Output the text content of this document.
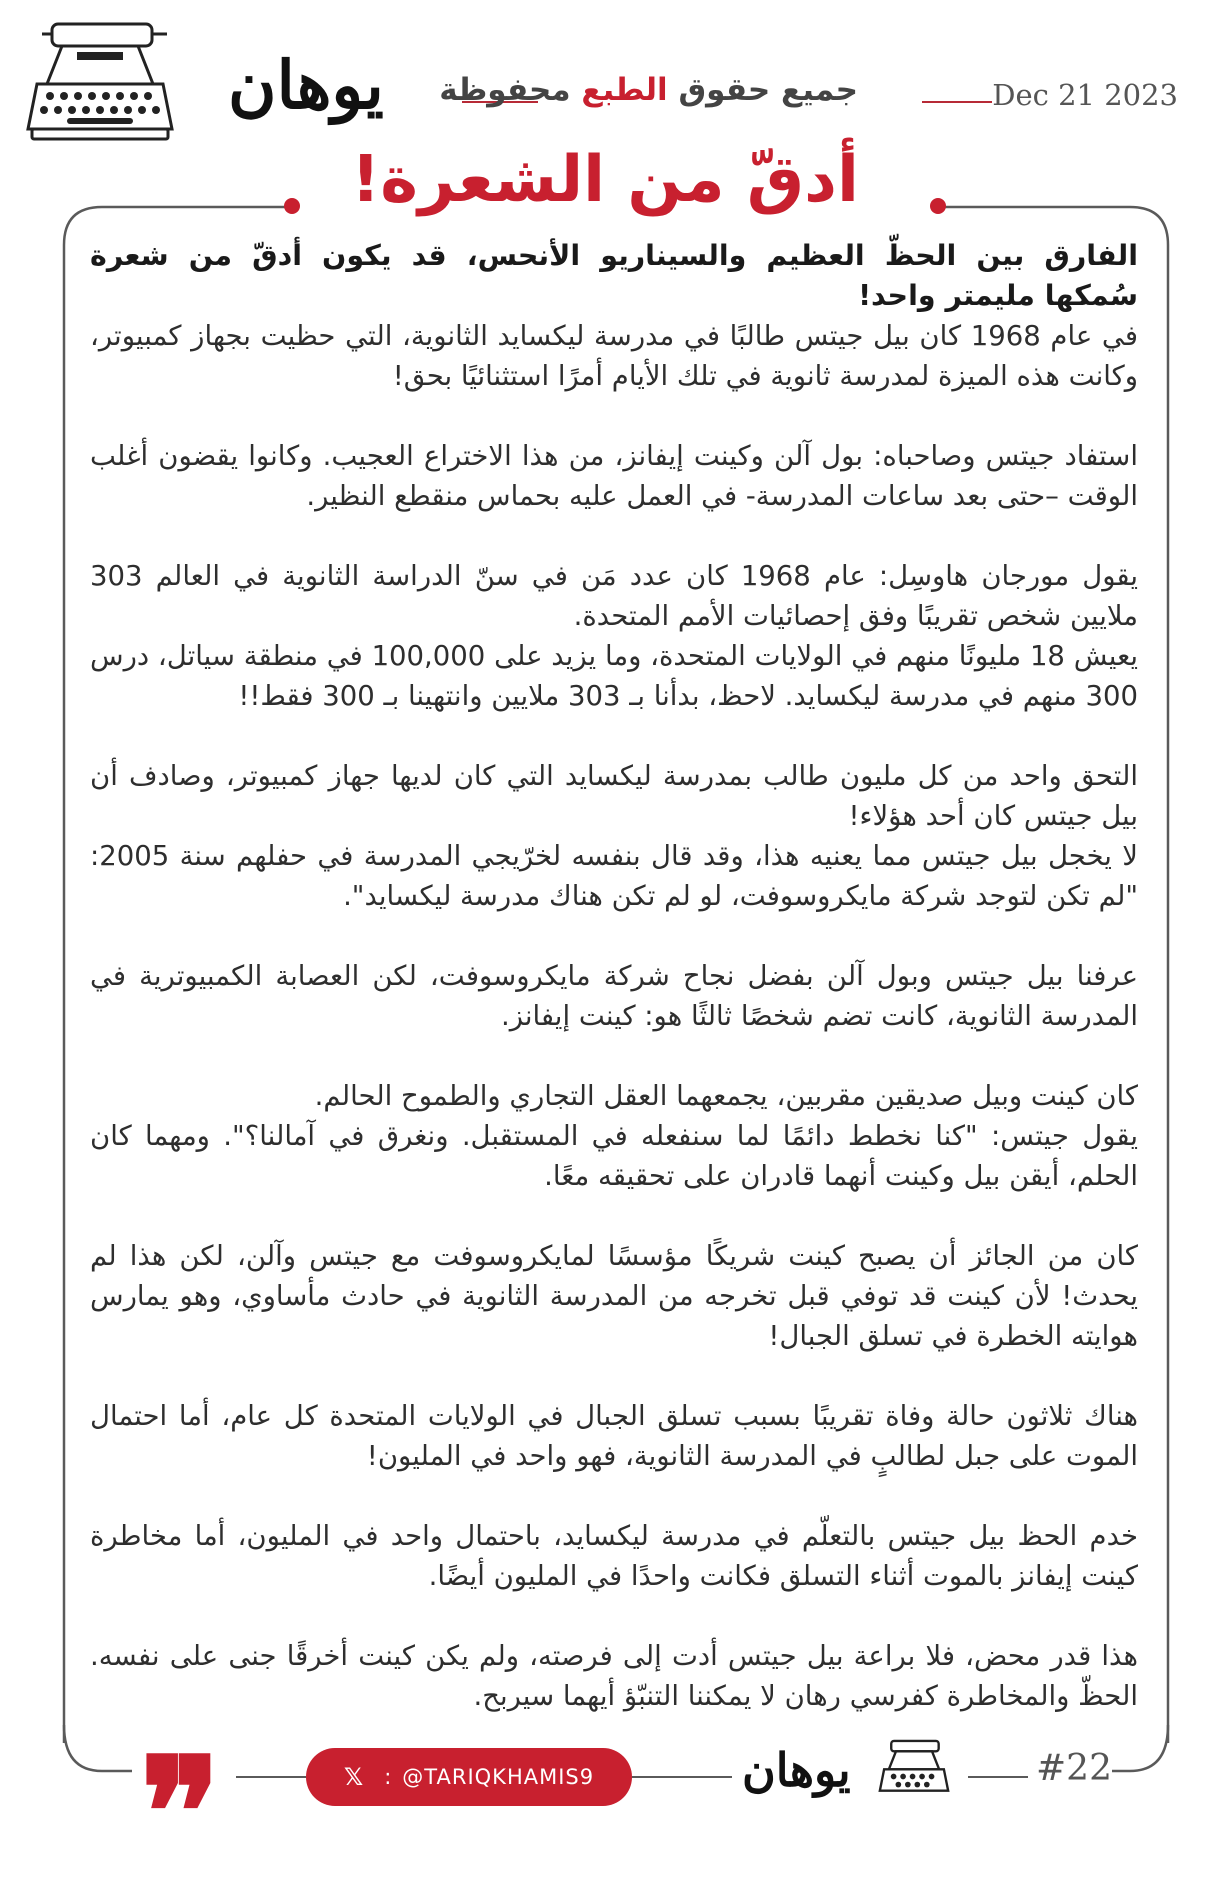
يوهان	جميع حقوق الطبع محفوظة	Dec 21 2023
أدقّ من الشعرة!

الفارق بين الحظّ العظيم والسيناريو الأنحس، قد يكون أدقّ من شعرة سُمكها مليمتر واحد!

في عام 1968 كان بيل جيتس طالبًا في مدرسة ليكسايد الثانوية، التي حظيت بجهاز كمبيوتر، وكانت هذه الميزة لمدرسة ثانوية في تلك الأيام أمرًا استثنائيًا بحق!

استفاد جيتس وصاحباه: بول آلن وكينت إيفانز، من هذا الاختراع العجيب. وكانوا يقضون أغلب الوقت –حتى بعد ساعات المدرسة- في العمل عليه بحماس منقطع النظير.

يقول مورجان هاوسِل: عام 1968 كان عدد مَن في سنّ الدراسة الثانوية في العالم 303 ملايين شخص تقريبًا وفق إحصائيات الأمم المتحدة.

يعيش 18 مليونًا منهم في الولايات المتحدة، وما يزيد على 100,000 في منطقة سياتل، درس 300 منهم في مدرسة ليكسايد. لاحظ، بدأنا بـ 303 ملايين وانتهينا بـ 300 فقط!!

التحق واحد من كل مليون طالب بمدرسة ليكسايد التي كان لديها جهاز كمبيوتر، وصادف أن بيل جيتس كان أحد هؤلاء!

لا يخجل بيل جيتس مما يعنيه هذا، وقد قال بنفسه لخرّيجي المدرسة في حفلهم سنة 2005: "لم تكن لتوجد شركة مايكروسوفت، لو لم تكن هناك مدرسة ليكسايد".

عرفنا بيل جيتس وبول آلن بفضل نجاح شركة مايكروسوفت، لكن العصابة الكمبيوترية في المدرسة الثانوية، كانت تضم شخصًا ثالثًا هو: كينت إيفانز.

كان كينت وبيل صديقين مقربين، يجمعهما العقل التجاري والطموح الحالم.

يقول جيتس: "كنا نخطط دائمًا لما سنفعله في المستقبل. ونغرق في آمالنا؟". ومهما كان الحلم، أيقن بيل وكينت أنهما قادران على تحقيقه معًا.

كان من الجائز أن يصبح كينت شريكًا مؤسسًا لمايكروسوفت مع جيتس وآلن، لكن هذا لم يحدث! لأن كينت قد توفي قبل تخرجه من المدرسة الثانوية في حادث مأساوي، وهو يمارس هوايته الخطرة في تسلق الجبال!

هناك ثلاثون حالة وفاة تقريبًا بسبب تسلق الجبال في الولايات المتحدة كل عام، أما احتمال الموت على جبل لطالبٍ في المدرسة الثانوية، فهو واحد في المليون!

خدم الحظ بيل جيتس بالتعلّم في مدرسة ليكسايد، باحتمال واحد في المليون، أما مخاطرة كينت إيفانز بالموت أثناء التسلق فكانت واحدًا في المليون أيضًا.

هذا قدر محض، فلا براعة بيل جيتس أدت إلى فرصته، ولم يكن كينت أخرقًا جنى على نفسه. الحظّ والمخاطرة كفرسي رهان لا يمكننا التنبّؤ أيهما سيربح.

❞	𝕏 : @TARIQKHAMIS9	يوهان	#22
